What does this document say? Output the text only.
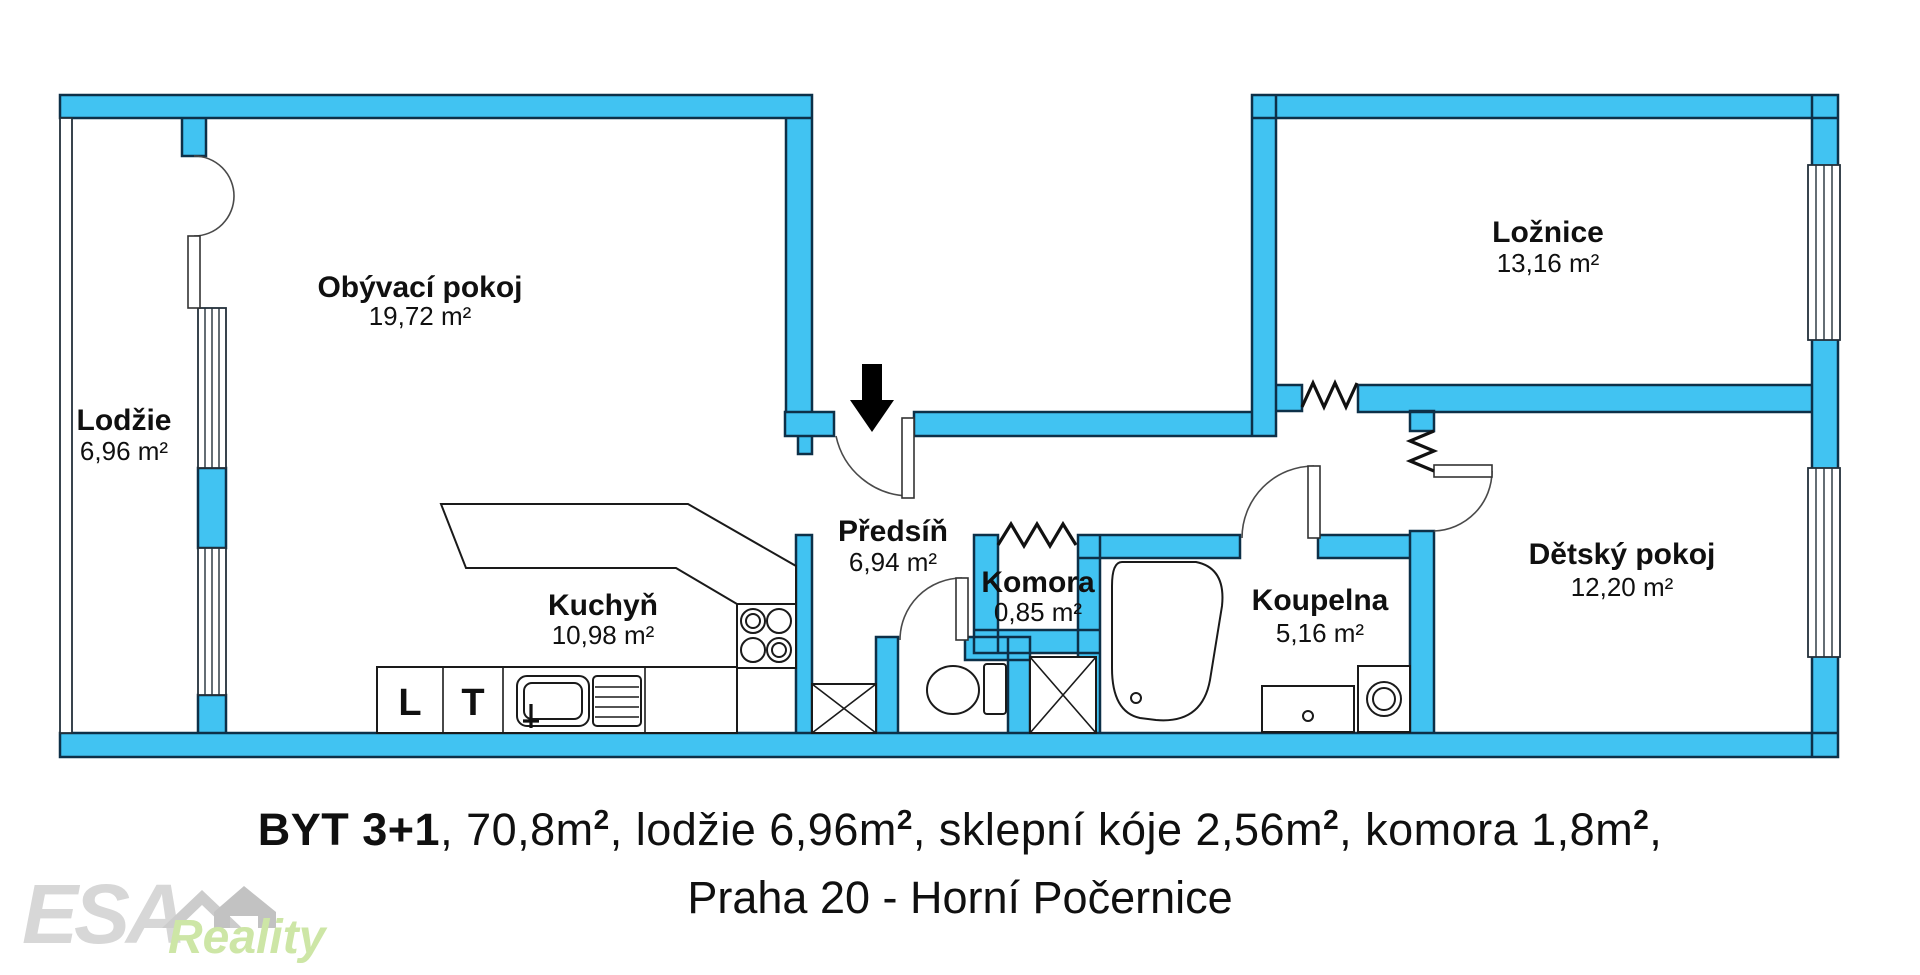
L T
Lodžie
6,96 m²
Obývací pokoj
19,72 m²
Kuchyň
10,98 m²
Předsíň
6,94 m²
Komora
0,85 m²	Koupelna
5,16 m²
Ložnice
13,16 m²
Dětský pokoj
12,20 m²
BYT 3+1, $70,8m^2$, lodžie $6,96m^2$, sklepní kóje $2,56m^2$, komora $1,8m^2$,
Praha 20 - Horní Počernice
ESA
Reality
